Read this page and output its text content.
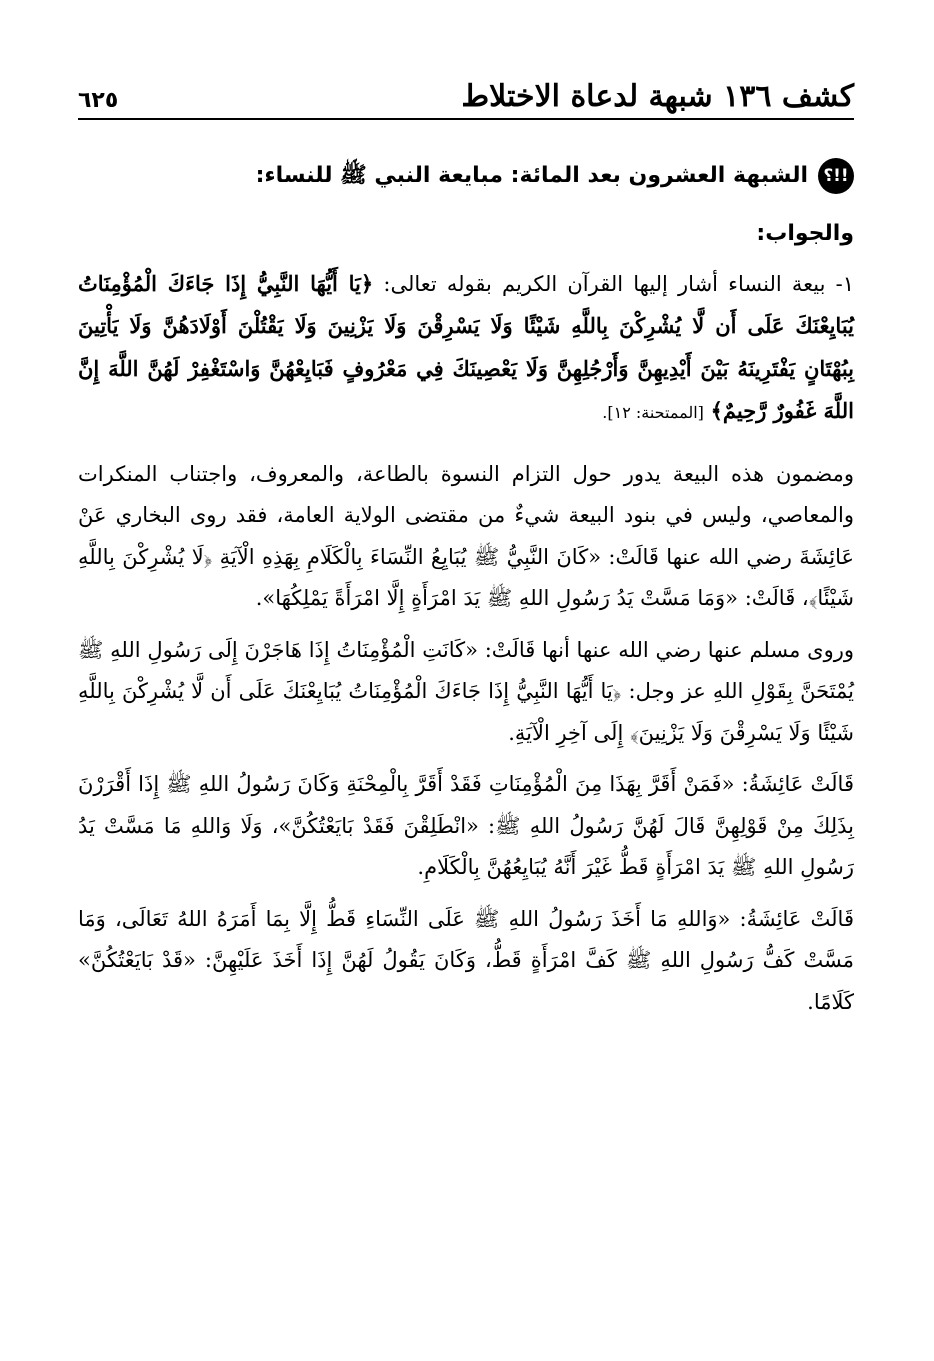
كشف ١٣٦ شبهة لدعاة الاختلاط
٦٢٥
!!؟
الشبهة العشرون بعد المائة: مبايعة النبي ﷺ للنساء:
والجواب:

١- بيعة النساء أشار إليها القرآن الكريم بقوله تعالى: ﴿يَا أَيُّهَا النَّبِيُّ إِذَا جَاءَكَ الْمُؤْمِنَاتُ يُبَايِعْنَكَ عَلَى أَن لَّا يُشْرِكْنَ بِاللَّهِ شَيْئًا وَلَا يَسْرِقْنَ وَلَا يَزْنِينَ وَلَا يَقْتُلْنَ أَوْلَادَهُنَّ وَلَا يَأْتِينَ بِبُهْتَانٍ يَفْتَرِينَهُ بَيْنَ أَيْدِيهِنَّ وَأَرْجُلِهِنَّ وَلَا يَعْصِينَكَ فِي مَعْرُوفٍ فَبَايِعْهُنَّ وَاسْتَغْفِرْ لَهُنَّ اللَّهَ إِنَّ اللَّهَ غَفُورٌ رَّحِيمٌ﴾ [الممتحنة: ١٢].

ومضمون هذه البيعة يدور حول التزام النسوة بالطاعة، والمعروف، واجتناب المنكرات والمعاصي، وليس في بنود البيعة شيءٌ من مقتضى الولاية العامة، فقد روى البخاري عَنْ عَائِشَةَ رضي الله عنها قَالَتْ: «كَانَ النَّبِيُّ ﷺ يُبَايِعُ النِّسَاءَ بِالْكَلَامِ بِهَذِهِ الْآيَةِ ﴿لَا يُشْرِكْنَ بِاللَّهِ شَيْئًا﴾، قَالَتْ: «وَمَا مَسَّتْ يَدُ رَسُولِ اللهِ ﷺ يَدَ امْرَأَةٍ إِلَّا امْرَأَةً يَمْلِكُهَا».

وروى مسلم عنها رضي الله عنها أنها قَالَتْ: «كَانَتِ الْمُؤْمِنَاتُ إِذَا هَاجَرْنَ إِلَى رَسُولِ اللهِ ﷺ يُمْتَحَنَّ بِقَوْلِ اللهِ عز وجل: ﴿يَا أَيُّهَا النَّبِيُّ إِذَا جَاءَكَ الْمُؤْمِنَاتُ يُبَايِعْنَكَ عَلَى أَن لَّا يُشْرِكْنَ بِاللَّهِ شَيْئًا وَلَا يَسْرِقْنَ وَلَا يَزْنِينَ﴾ إِلَى آخِرِ الْآيَةِ.

قَالَتْ عَائِشَةُ: «فَمَنْ أَقَرَّ بِهَذَا مِنَ الْمُؤْمِنَاتِ فَقَدْ أَقَرَّ بِالْمِحْنَةِ وَكَانَ رَسُولُ اللهِ ﷺ إِذَا أَقْرَرْنَ بِذَلِكَ مِنْ قَوْلِهِنَّ قَالَ لَهُنَّ رَسُولُ اللهِ ﷺ: «انْطَلِقْنَ فَقَدْ بَايَعْتُكُنَّ»، وَلَا وَاللهِ مَا مَسَّتْ يَدُ رَسُولِ اللهِ ﷺ يَدَ امْرَأَةٍ قَطُّ غَيْرَ أَنَّهُ يُبَايِعُهُنَّ بِالْكَلَامِ.

قَالَتْ عَائِشَةُ: «وَاللهِ مَا أَخَذَ رَسُولُ اللهِ ﷺ عَلَى النِّسَاءِ قَطُّ إِلَّا بِمَا أَمَرَهُ اللهُ تَعَالَى، وَمَا مَسَّتْ كَفُّ رَسُولِ اللهِ ﷺ كَفَّ امْرَأَةٍ قَطُّ، وَكَانَ يَقُولُ لَهُنَّ إِذَا أَخَذَ عَلَيْهِنَّ: «قَدْ بَايَعْتُكُنَّ» كَلَامًا.
